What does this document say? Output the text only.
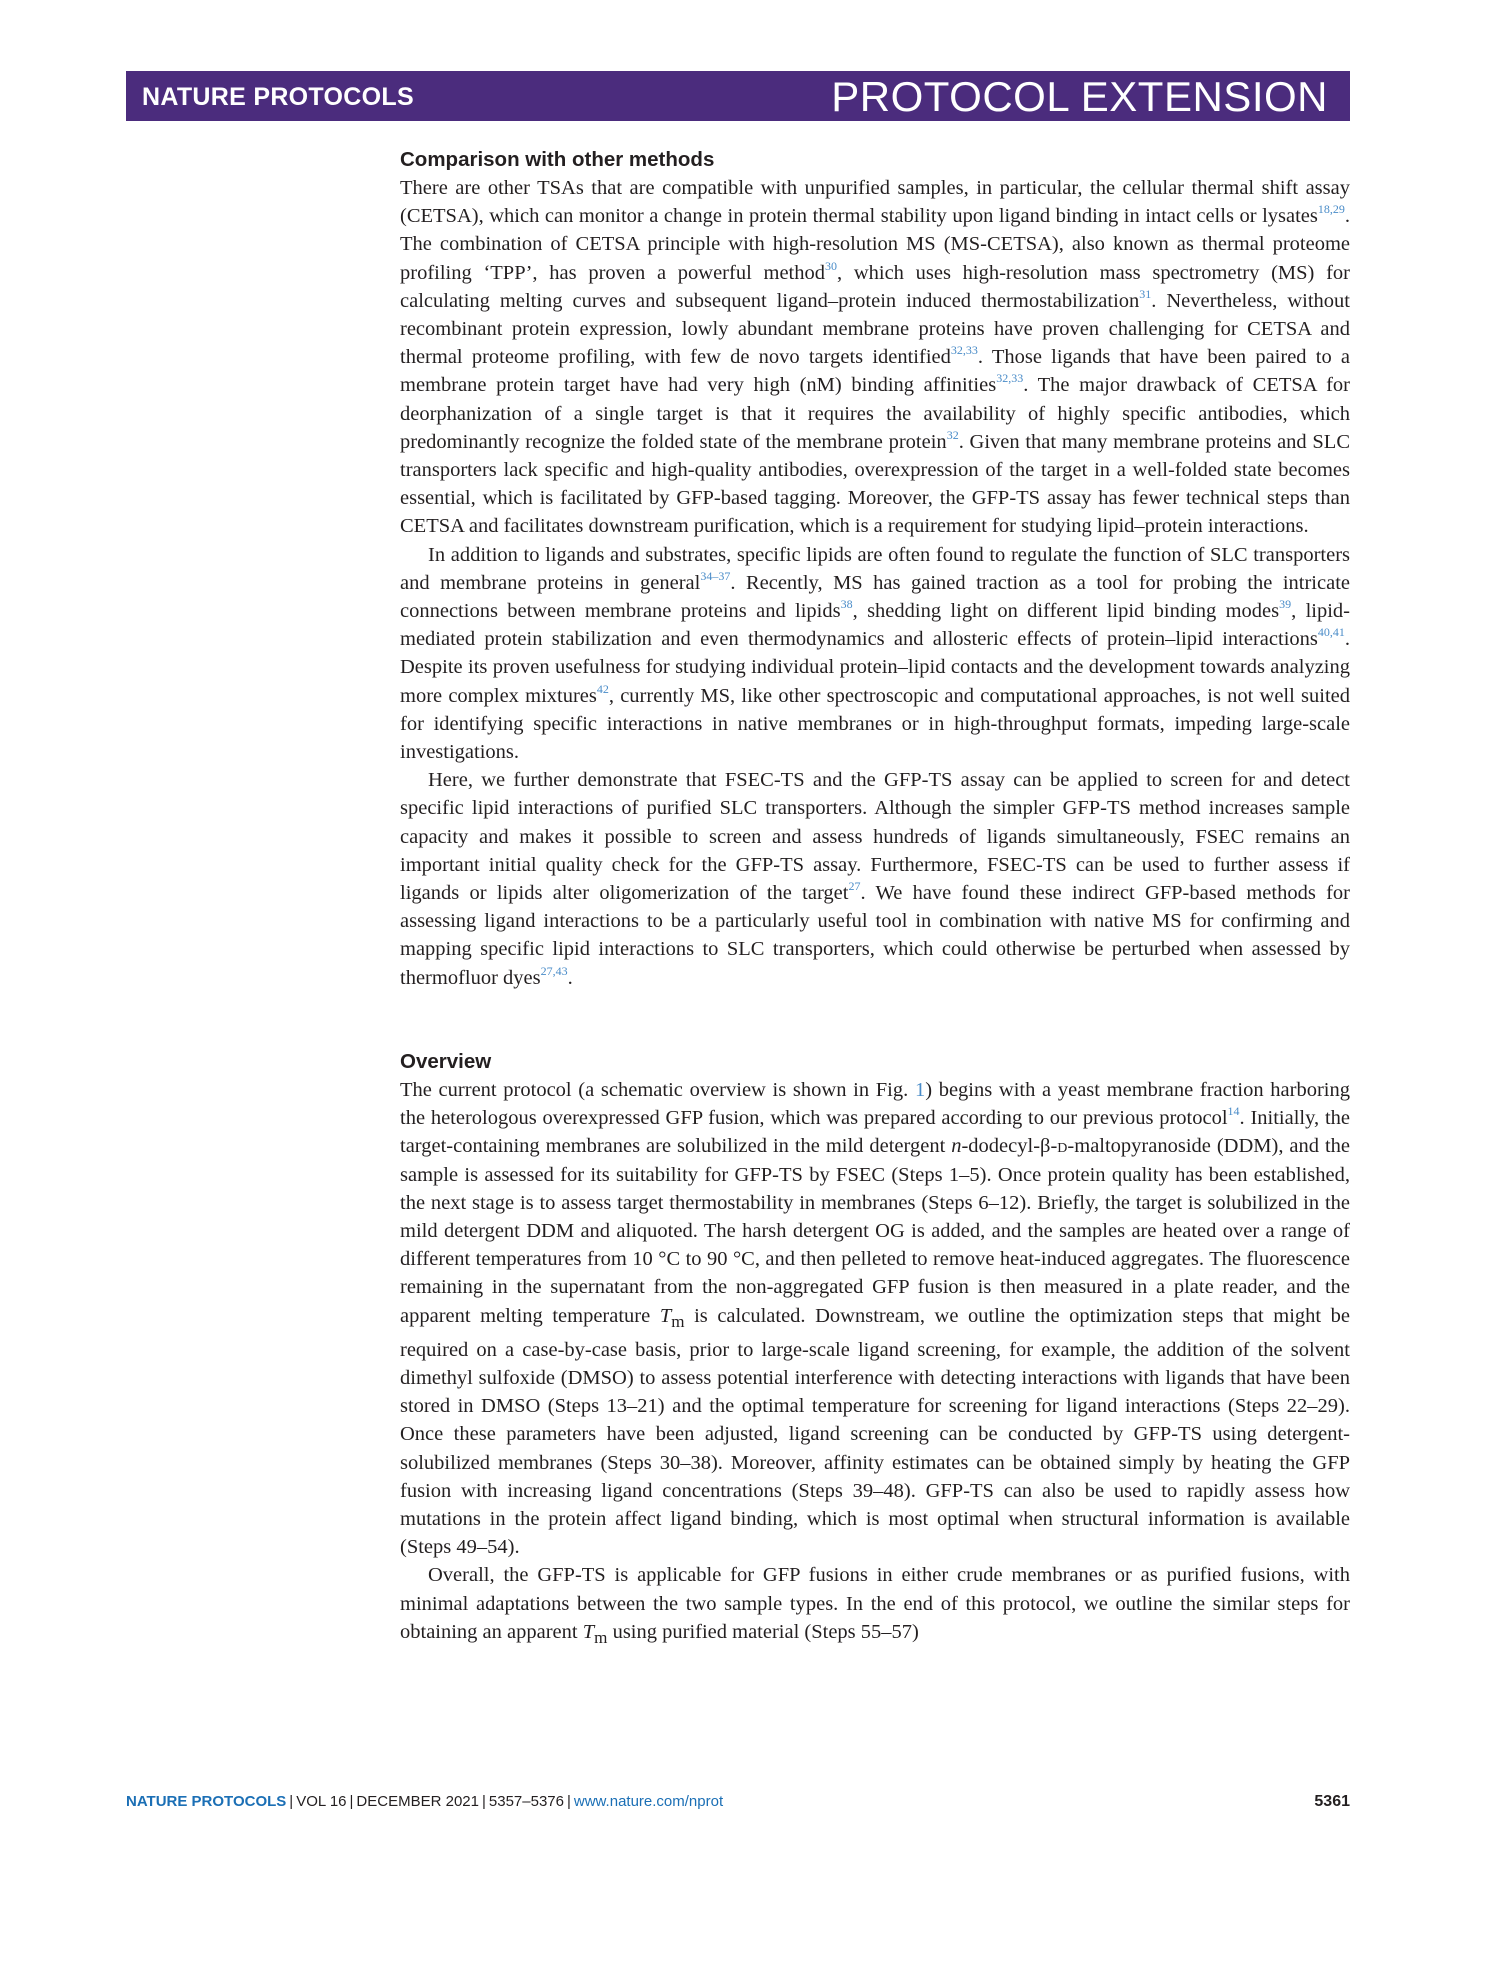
NATURE PROTOCOLS	PROTOCOL EXTENSION
Comparison with other methods

There are other TSAs that are compatible with unpurified samples, in particular, the cellular thermal shift assay (CETSA), which can monitor a change in protein thermal stability upon ligand binding in intact cells or lysates$^{18,29}$. The combination of CETSA principle with high-resolution MS (MS-CETSA), also known as thermal proteome profiling ‘TPP’, has proven a powerful method$^{30}$, which uses high-resolution mass spectrometry (MS) for calculating melting curves and subsequent ligand–protein induced thermostabilization$^{31}$. Nevertheless, without recombinant protein expression, lowly abundant membrane proteins have proven challenging for CETSA and thermal proteome profiling, with few de novo targets identified$^{32,33}$. Those ligands that have been paired to a membrane protein target have had very high (nM) binding affinities$^{32,33}$. The major drawback of CETSA for deorphanization of a single target is that it requires the availability of highly specific antibodies, which predominantly recognize the folded state of the membrane protein$^{32}$. Given that many membrane proteins and SLC transporters lack specific and high-quality antibodies, overexpression of the target in a well-folded state becomes essential, which is facilitated by GFP-based tagging. Moreover, the GFP-TS assay has fewer technical steps than CETSA and facilitates downstream purification, which is a requirement for studying lipid–protein interactions.

In addition to ligands and substrates, specific lipids are often found to regulate the function of SLC transporters and membrane proteins in general$^{34-37}$. Recently, MS has gained traction as a tool for probing the intricate connections between membrane proteins and lipids$^{38}$, shedding light on different lipid binding modes$^{39}$, lipid-mediated protein stabilization and even thermodynamics and allosteric effects of protein–lipid interactions$^{40,41}$. Despite its proven usefulness for studying individual protein–lipid contacts and the development towards analyzing more complex mixtures$^{42}$, currently MS, like other spectroscopic and computational approaches, is not well suited for identifying specific interactions in native membranes or in high-throughput formats, impeding large-scale investigations.

Here, we further demonstrate that FSEC-TS and the GFP-TS assay can be applied to screen for and detect specific lipid interactions of purified SLC transporters. Although the simpler GFP-TS method increases sample capacity and makes it possible to screen and assess hundreds of ligands simultaneously, FSEC remains an important initial quality check for the GFP-TS assay. Furthermore, FSEC-TS can be used to further assess if ligands or lipids alter oligomerization of the target$^{27}$. We have found these indirect GFP-based methods for assessing ligand interactions to be a particularly useful tool in combination with native MS for confirming and mapping specific lipid interactions to SLC transporters, which could otherwise be perturbed when assessed by thermofluor dyes$^{27,43}$.

Overview

The current protocol (a schematic overview is shown in Fig. 1) begins with a yeast membrane fraction harboring the heterologous overexpressed GFP fusion, which was prepared according to our previous protocol$^{14}$. Initially, the target-containing membranes are solubilized in the mild detergent n-dodecyl-β-d-maltopyranoside (DDM), and the sample is assessed for its suitability for GFP-TS by FSEC (Steps 1–5). Once protein quality has been established, the next stage is to assess target thermostability in membranes (Steps 6–12). Briefly, the target is solubilized in the mild detergent DDM and aliquoted. The harsh detergent OG is added, and the samples are heated over a range of different temperatures from 10 °C to 90 °C, and then pelleted to remove heat-induced aggregates. The fluorescence remaining in the supernatant from the non-aggregated GFP fusion is then measured in a plate reader, and the apparent melting temperature $T_m$ is calculated. Downstream, we outline the optimization steps that might be required on a case-by-case basis, prior to large-scale ligand screening, for example, the addition of the solvent dimethyl sulfoxide (DMSO) to assess potential interference with detecting interactions with ligands that have been stored in DMSO (Steps 13–21) and the optimal temperature for screening for ligand interactions (Steps 22–29). Once these parameters have been adjusted, ligand screening can be conducted by GFP-TS using detergent-solubilized membranes (Steps 30–38). Moreover, affinity estimates can be obtained simply by heating the GFP fusion with increasing ligand concentrations (Steps 39–48). GFP-TS can also be used to rapidly assess how mutations in the protein affect ligand binding, which is most optimal when structural information is available (Steps 49–54).

Overall, the GFP-TS is applicable for GFP fusions in either crude membranes or as purified fusions, with minimal adaptations between the two sample types. In the end of this protocol, we outline the similar steps for obtaining an apparent $T_m$ using purified material (Steps 55–57)

NATURE PROTOCOLS | VOL 16 | DECEMBER 2021 | 5357–5376 | www.nature.com/nprot	5361
